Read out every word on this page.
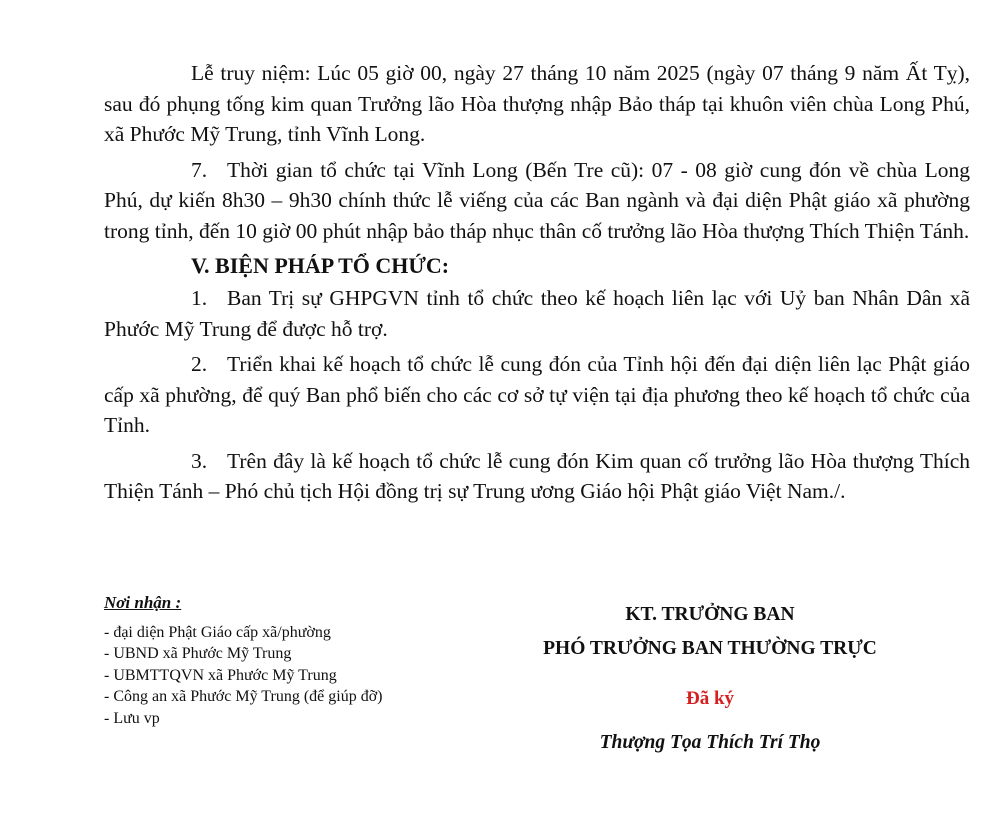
Lễ truy niệm: Lúc 05 giờ 00, ngày 27 tháng 10 năm 2025 (ngày 07 tháng 9 năm Ất Tỵ), sau đó phụng tống kim quan Trưởng lão Hòa thượng nhập Bảo tháp tại khuôn viên chùa Long Phú, xã Phước Mỹ Trung, tỉnh Vĩnh Long.

7. Thời gian tổ chức tại Vĩnh Long (Bến Tre cũ): 07 - 08 giờ cung đón về chùa Long Phú, dự kiến 8h30 – 9h30 chính thức lễ viếng của các Ban ngành và đại diện Phật giáo xã phường trong tỉnh, đến 10 giờ 00 phút nhập bảo tháp nhục thân cố trưởng lão Hòa thượng Thích Thiện Tánh.

V. BIỆN PHÁP TỔ CHỨC:

1. Ban Trị sự GHPGVN tỉnh tổ chức theo kế hoạch liên lạc với Uỷ ban Nhân Dân xã Phước Mỹ Trung để được hỗ trợ.

2. Triển khai kế hoạch tổ chức lễ cung đón của Tỉnh hội đến đại diện liên lạc Phật giáo cấp xã phường, để quý Ban phổ biến cho các cơ sở tự viện tại địa phương theo kế hoạch tổ chức của Tỉnh.

3. Trên đây là kế hoạch tổ chức lễ cung đón Kim quan cố trưởng lão Hòa thượng Thích Thiện Tánh – Phó chủ tịch Hội đồng trị sự Trung ương Giáo hội Phật giáo Việt Nam./.

Nơi nhận :
- đại diện Phật Giáo cấp xã/phường
- UBND xã Phước Mỹ Trung
- UBMTTQVN xã Phước Mỹ Trung
- Công an xã Phước Mỹ Trung (để giúp đỡ)
- Lưu vp
KT. TRƯỞNG BAN
PHÓ TRƯỞNG BAN THƯỜNG TRỰC
Đã ký
Thượng Tọa Thích Trí Thọ
